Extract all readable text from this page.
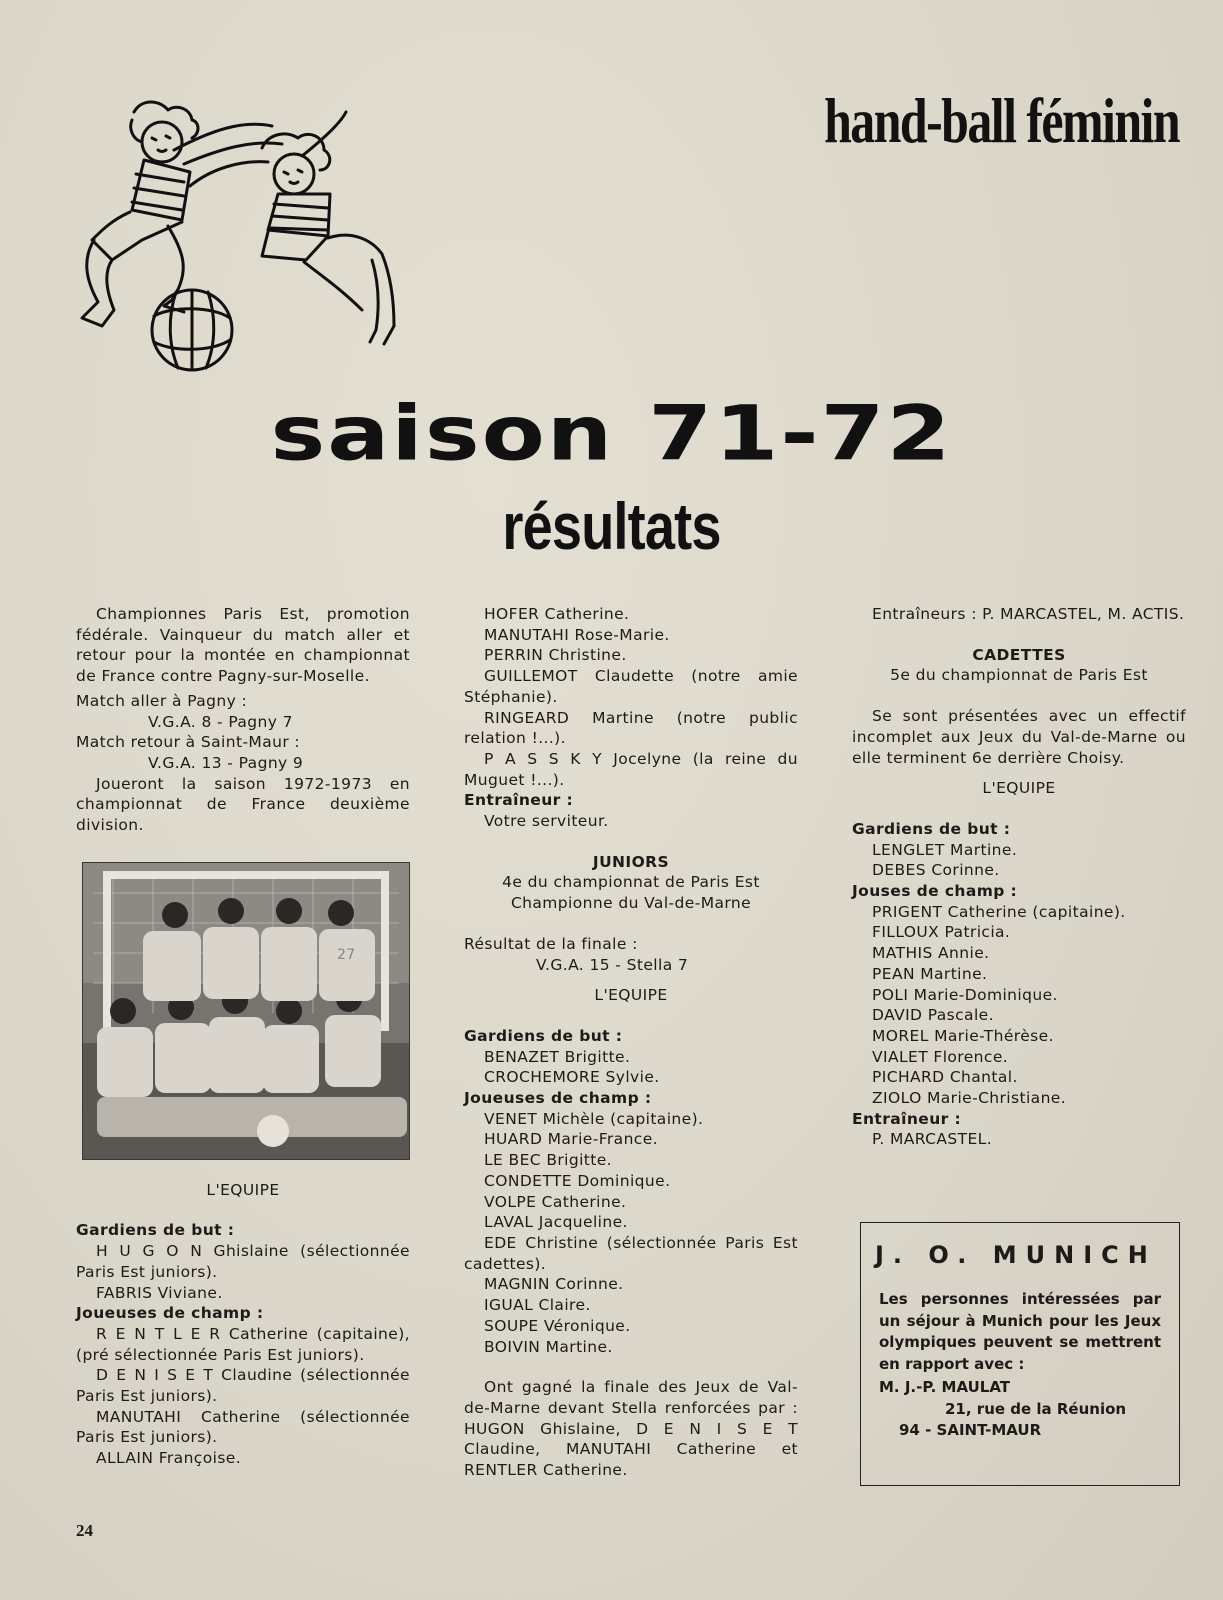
hand-ball féminin
saison 71-72
résultats

Championnes Paris Est, promotion fédérale. Vainqueur du match aller et retour pour la montée en championnat de France contre Pagny-sur-Moselle.

Match aller à Pagny :

V.G.A. 8 - Pagny 7

Match retour à Saint-Maur :

V.G.A. 13 - Pagny 9

Joueront la saison 1972-1973 en championnat de France deuxième division.

27

L'EQUIPE

Gardiens de but :

H U G O N Ghislaine (sélectionnée Paris Est juniors).

FABRIS Viviane.

Joueuses de champ :

R E N T L E R Catherine (capitaine), (pré sélectionnée Paris Est juniors).

D E N I S E T Claudine (sélectionnée Paris Est juniors).

MANUTAHI Catherine (sélectionnée Paris Est juniors).

ALLAIN Françoise.

HOFER Catherine.

MANUTAHI Rose-Marie.

PERRIN Christine.

GUILLEMOT Claudette (notre amie Stéphanie).

RINGEARD Martine (notre public relation !...).

P A S S K Y Jocelyne (la reine du Muguet !...).

Entraîneur :

Votre serviteur.

JUNIORS

4e du championnat de Paris Est

Championne du Val-de-Marne

Résultat de la finale :

V.G.A. 15 - Stella 7

L'EQUIPE

Gardiens de but :

BENAZET Brigitte.

CROCHEMORE Sylvie.

Joueuses de champ :

VENET Michèle (capitaine).

HUARD Marie-France.

LE BEC Brigitte.

CONDETTE Dominique.

VOLPE Catherine.

LAVAL Jacqueline.

EDE Christine (sélectionnée Paris Est cadettes).

MAGNIN Corinne.

IGUAL Claire.

SOUPE Véronique.

BOIVIN Martine.

Ont gagné la finale des Jeux de Val-de-Marne devant Stella renforcées par : HUGON Ghislaine, D E N I S E T Claudine, MANUTAHI Catherine et RENTLER Catherine.

Entraîneurs : P. MARCASTEL, M. ACTIS.

CADETTES

5e du championnat de Paris Est

Se sont présentées avec un effectif incomplet aux Jeux du Val-de-Marne ou elle terminent 6e derrière Choisy.

L'EQUIPE

Gardiens de but :

LENGLET Martine.

DEBES Corinne.

Jouses de champ :

PRIGENT Catherine (capitaine).

FILLOUX Patricia.

MATHIS Annie.

PEAN Martine.

POLI Marie-Dominique.

DAVID Pascale.

MOREL Marie-Thérèse.

VIALET Florence.

PICHARD Chantal.

ZIOLO Marie-Christiane.

Entraîneur :

P. MARCASTEL.

J. O. MUNICH

Les personnes intéressées par un séjour à Munich pour les Jeux olympiques peuvent se mettrent en rapport avec :

M. J.-P. MAULAT

21, rue de la Réunion

94 - SAINT-MAUR

24
